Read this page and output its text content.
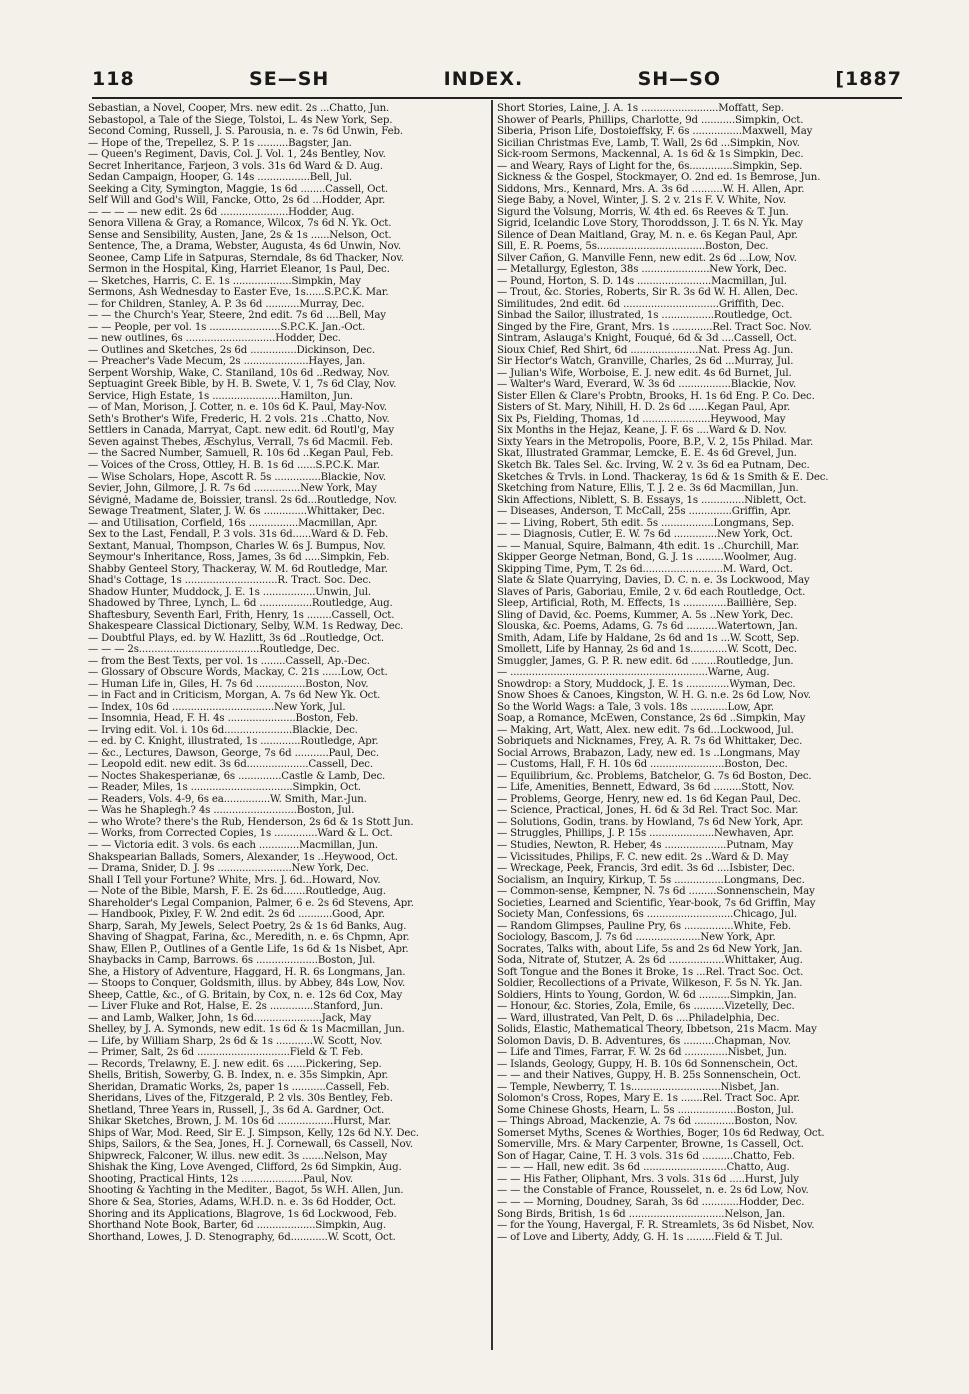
118	SE—SH	INDEX.	SH—SO	[1887
Sebastian, a Novel, Cooper, Mrs. new edit. 2s ...Chatto, Jun.
Sebastopol, a Tale of the Siege, Tolstoi, L. 4s New York, Sep.
Second Coming, Russell, J. S. Parousia, n. e. 7s 6d Unwin, Feb.
— Hope of the, Trepellez, S. P. 1s ..........Bagster, Jan.
— Queen's Regiment, Davis, Col. J. Vol. 1, 24s Bentley, Nov.
Secret Inheritance, Farjeon, 3 vols. 31s 6d Ward & D. Aug.
Sedan Campaign, Hooper, G. 14s .................Bell, Jul.
Seeking a City, Symington, Maggie, 1s 6d ........Cassell, Oct.
Self Will and God's Will, Fancke, Otto, 2s 6d ...Hodder, Apr.
— — — — new edit. 2s 6d ......................Hodder, Aug.
Senora Villena & Gray, a Romance, Wilcox, 7s 6d N. Yk. Oct.
Sense and Sensibility, Austen, Jane, 2s & 1s ......Nelson, Oct.
Sentence, The, a Drama, Webster, Augusta, 4s 6d Unwin, Nov.
Seonee, Camp Life in Satpuras, Sterndale, 8s 6d Thacker, Nov.
Sermon in the Hospital, King, Harriet Eleanor, 1s Paul, Dec.
— Sketches, Harris, C. E. 1s ...................Simpkin, May
Sermons, Ash Wednesday to Easter Eve, 1s......S.P.C.K. Mar.
— for Children, Stanley, A. P. 3s 6d ...........Murray, Dec.
— — the Church's Year, Steere, 2nd edit. 7s 6d ....Bell, May
— — People, per vol. 1s .......................S.P.C.K. Jan.-Oct.
— new outlines, 6s .............................Hodder, Dec.
— Outlines and Sketches, 2s 6d ...............Dickinson, Dec.
— Preacher's Vade Mecum, 2s .....................Hayes, Jan.
Serpent Worship, Wake, C. Staniland, 10s 6d ..Redway, Nov.
Septuagint Greek Bible, by H. B. Swete, V. 1, 7s 6d Clay, Nov.
Service, High Estate, 1s ......................Hamilton, Jun.
— of Man, Morison, J. Cotter, n. e. 10s 6d K. Paul, May-Nov.
Seth's Brother's Wife, Frederic, H. 2 vols. 21s ..Chatto, Nov.
Settlers in Canada, Marryat, Capt. new edit. 6d Routl'g, May
Seven against Thebes, Æschylus, Verrall, 7s 6d Macmil. Feb.
— the Sacred Number, Samuell, R. 10s 6d ..Kegan Paul, Feb.
— Voices of the Cross, Ottley, H. B. 1s 6d ......S.P.C.K. Mar.
— Wise Scholars, Hope, Ascott R. 5s ...............Blackie, Nov.
Sevier, John, Gilmore, J. R. 7s 6d ...............New York, May
Sévigné, Madame de, Boissier, transl. 2s 6d...Routledge, Nov.
Sewage Treatment, Slater, J. W. 6s ..............Whittaker, Dec.
— and Utilisation, Corfield, 16s ................Macmillan, Apr.
Sex to the Last, Fendall, P. 3 vols. 31s 6d......Ward & D. Feb.
Sextant, Manual, Thompson, Charles W. 6s J. Bumpus, Nov.
Seymour's Inheritance, Ross, James, 3s 6d .....Simpkin, Feb.
Shabby Genteel Story, Thackeray, W. M. 6d Routledge, Mar.
Shad's Cottage, 1s ..............................R. Tract. Soc. Dec.
Shadow Hunter, Muddock, J. E. 1s .................Unwin, Jul.
Shadowed by Three, Lynch, L. 6d .................Routledge, Aug.
Shaftesbury, Seventh Earl, Frith, Henry, 1s ........Cassell, Oct.
Shakespeare Classical Dictionary, Selby, W.M. 1s Redway, Dec.
— Doubtful Plays, ed. by W. Hazlitt, 3s 6d ..Routledge, Oct.
— — — 2s.......................................Routledge, Dec.
— from the Best Texts, per vol. 1s ........Cassell, Ap.-Dec.
— Glossary of Obscure Words, Mackay, C. 21s ......Low, Oct.
— Human Life in, Giles, H. 7s 6d ................Boston, Nov.
— in Fact and in Criticism, Morgan, A. 7s 6d New Yk. Oct.
— Index, 10s 6d .................................New York, Jul.
— Insomnia, Head, F. H. 4s ......................Boston, Feb.
— Irving edit. Vol. i. 10s 6d......................Blackie, Dec.
— ed. by C. Knight, illustrated, 1s .............Routledge, Apr.
— &c., Lectures, Dawson, George, 7s 6d ...........Paul, Dec.
— Leopold edit. new edit. 3s 6d....................Cassell, Dec.
— Noctes Shakesperianæ, 6s ..............Castle & Lamb, Dec.
— Reader, Miles, 1s .................................Simpkin, Oct.
— Readers, Vols. 4-9, 6s ea...............W. Smith, Mar.-Jun.
— Was he Shaplegh.? 4s ...........................Boston, Jul.
— who Wrote? there's the Rub, Henderson, 2s 6d & 1s Stott Jun.
— Works, from Corrected Copies, 1s ..............Ward & L. Oct.
— — Victoria edit. 3 vols. 6s each .............Macmillan, Jun.
Shakspearian Ballads, Somers, Alexander, 1s ..Heywood, Oct.
— Drama, Snider, D. J. 9s ........................New York, Dec.
Shall I Tell your Fortune? White, Mrs. J. 6d...Howard, Nov.
— Note of the Bible, Marsh, F. E. 2s 6d.......Routledge, Aug.
Shareholder's Legal Companion, Palmer, 6 e. 2s 6d Stevens, Apr.
— Handbook, Pixley, F. W. 2nd edit. 2s 6d ...........Good, Apr.
Sharp, Sarah, My Jewels, Select Poetry, 2s & 1s 6d Banks, Aug.
Shaving of Shagpat, Farina, &c., Meredith, n. e. 6s Chpmn, Apr.
Shaw, Ellen P., Outlines of a Gentle Life, 1s 6d & 1s Nisbet, Apr.
Shaybacks in Camp, Barrows. 6s ....................Boston, Jul.
She, a History of Adventure, Haggard, H. R. 6s Longmans, Jan.
— Stoops to Conquer, Goldsmith, illus. by Abbey, 84s Low, Nov.
Sheep, Cattle, &c., of G. Britain, by Cox, n. e. 12s 6d Cox, May
— Liver Fluke and Rot, Halse, E. 2s ..............Stanford, Jun.
— and Lamb, Walker, John, 1s 6d......................Jack, May
Shelley, by J. A. Symonds, new edit. 1s 6d & 1s Macmillan, Jun.
— Life, by William Sharp, 2s 6d & 1s ............W. Scott, Nov.
— Primer, Salt, 2s 6d ..............................Field & T. Feb.
— Records, Trelawny, E. J. new edit. 6s ......Pickering, Sep.
Shells, British, Sowerby, G. B. Index, n. e. 35s Simpkin, Apr.
Sheridan, Dramatic Works, 2s, paper 1s ...........Cassell, Feb.
Sheridans, Lives of the, Fitzgerald, P. 2 vls. 30s Bentley, Feb.
Shetland, Three Years in, Russell, J., 3s 6d A. Gardner, Oct.
Shikar Sketches, Brown, J. M. 10s 6d ..................Hurst, Mar.
Ships of War, Mod. Reed, Sir E. J. Simpson, Kelly, 12s 6d N.Y. Dec.
Ships, Sailors, & the Sea, Jones, H. J. Cornewall, 6s Cassell, Nov.
Shipwreck, Falconer, W. illus. new edit. 3s .......Nelson, May
Shishak the King, Love Avenged, Clifford, 2s 6d Simpkin, Aug.
Shooting, Practical Hints, 12s ....................Paul, Nov.
Shooting & Yachting in the Mediter., Bagot, 5s W.H. Allen, Jun.
Shore & Sea, Stories, Adams, W.H.D. n. e. 3s 6d Hodder, Oct.
Shoring and its Applications, Blagrove, 1s 6d Lockwood, Feb.
Shorthand Note Book, Barter, 6d ...................Simpkin, Aug.
Shorthand, Lowes, J. D. Stenography, 6d............W. Scott, Oct.
Short Stories, Laine, J. A. 1s .........................Moffatt, Sep.
Shower of Pearls, Phillips, Charlotte, 9d ...........Simpkin, Oct.
Siberia, Prison Life, Dostoieffsky, F. 6s ................Maxwell, May
Sicilian Christmas Eve, Lamb, T. Wall, 2s 6d ...Simpkin, Nov.
Sick-room Sermons, Mackennal, A. 1s 6d & 1s Simpkin, Dec.
— and Weary, Rays of Light for the, 6s..............Simpkin, Sep.
Sickness & the Gospel, Stockmayer, O. 2nd ed. 1s Bemrose, Jun.
Siddons, Mrs., Kennard, Mrs. A. 3s 6d ..........W. H. Allen, Apr.
Siege Baby, a Novel, Winter, J. S. 2 v. 21s F. V. White, Nov.
Sigurd the Volsung, Morris, W. 4th ed. 6s Reeves & T. Jun.
Sigrid, Icelandic Love Story, Thoroddsson, J. T. 6s N. Yk. May
Silence of Dean Maitland, Gray, M. n. e. 6s Kegan Paul, Apr.
Sill, E. R. Poems, 5s...................................Boston, Dec.
Silver Cañon, G. Manville Fenn, new edit. 2s 6d ...Low, Nov.
— Metallurgy, Egleston, 38s ......................New York, Dec.
— Pound, Horton, S. D. 14s ........................Macmillan, Jul.
— Trout, &c. Stories, Roberts, Sir R. 3s 6d W. H. Allen, Dec.
Similitudes, 2nd edit. 6d ...............................Griffith, Dec.
Sinbad the Sailor, illustrated, 1s .................Routledge, Oct.
Singed by the Fire, Grant, Mrs. 1s .............Rel. Tract Soc. Nov.
Sintram, Aslauga's Knight, Fouqué, 6d & 3d ....Cassell, Oct.
Sioux Chief, Red Shirt, 6d ......................Nat. Press Ag. Jun.
Sir Hector's Watch, Granville, Charles, 2s 6d ...Murray, Jul.
— Julian's Wife, Worboise, E. J. new edit. 4s 6d Burnet, Jul.
— Walter's Ward, Everard, W. 3s 6d .................Blackie, Nov.
Sister Ellen & Clare's Probtn, Brooks, H. 1s 6d Eng. P. Co. Dec.
Sisters of St. Mary, Nihill, H. D. 2s 6d ......Kegan Paul, Apr.
Six Ps, Fielding, Thomas, 1d ......................Heywood, May
Six Months in the Hejaz, Keane, J. F. 6s ....Ward & D. Nov.
Sixty Years in the Metropolis, Poore, B.P., V. 2, 15s Philad. Mar.
Skat, Illustrated Grammar, Lemcke, E. E. 4s 6d Grevel, Jun.
Sketch Bk. Tales Sel. &c. Irving, W. 2 v. 3s 6d ea Putnam, Dec.
Sketches & Trvls. in Lond. Thackeray, 1s 6d & 1s Smith & E. Dec.
Sketching from Nature, Ellis, T. J. 2 e. 3s 6d Macmillan, Jun.
Skin Affections, Niblett, S. B. Essays, 1s ..............Niblett, Oct.
— Diseases, Anderson, T. McCall, 25s ..............Griffin, Apr.
— — Living, Robert, 5th edit. 5s .................Longmans, Sep.
— — Diagnosis, Cutler, E. W. 7s 6d ..............New York, Oct.
— — Manual, Squire, Balmann, 4th edit. 1s ..Churchill, Mar.
Skipper George Netman, Bond, G. J. 1s .........Woolmer, Aug.
Skipping Time, Pym, T. 2s 6d..........................M. Ward, Oct.
Slate & Slate Quarrying, Davies, D. C. n. e. 3s Lockwood, May
Slaves of Paris, Gaboriau, Emile, 2 v. 6d each Routledge, Oct.
Sleep, Artificial, Roth, M. Effects, 1s ..............Baillière, Sep.
Sling of David, &c. Poems, Kummer, A. 5s ..New York, Dec.
Slouska, &c. Poems, Adams, G. 7s 6d ..........Watertown, Jan.
Smith, Adam, Life by Haldane, 2s 6d and 1s ...W. Scott, Sep.
Smollett, Life by Hannay, 2s 6d and 1s............W. Scott, Dec.
Smuggler, James, G. P. R. new edit. 6d ........Routledge, Jun.
— ................................................................Warne, Aug.
Snowdrop: a Story, Muddock, J. E. 1s ..............Wyman, Dec.
Snow Shoes & Canoes, Kingston, W. H. G. n.e. 2s 6d Low, Nov.
So the World Wags: a Tale, 3 vols. 18s ............Low, Apr.
Soap, a Romance, McEwen, Constance, 2s 6d ..Simpkin, May
— Making, Art, Watt, Alex. new edit. 7s 6d...Lockwood, Jul.
Sobriquets and Nicknames, Frey, A. R. 7s 6d Whittaker, Dec.
Social Arrows, Brabazon, Lady, new ed. 1s ..Longmans, May
— Customs, Hall, F. H. 10s 6d ........................Boston, Dec.
— Equilibrium, &c. Problems, Batchelor, G. 7s 6d Boston, Dec.
— Life, Amenities, Bennett, Edward, 3s 6d .........Stott, Nov.
— Problems, George, Henry, new ed. 1s 6d Kegan Paul, Dec.
— Science, Practical, Jones, H. 6d & 3d Rel. Tract Soc. Mar.
— Solutions, Godin, trans. by Howland, 7s 6d New York, Apr.
— Struggles, Phillips, J. P. 15s .....................Newhaven, Apr.
— Studies, Newton, R. Heber, 4s ....................Putnam, May
— Vicissitudes, Philips, F. C. new edit. 2s ..Ward & D. May
— Wreckage, Peek, Francis, 3rd edit. 3s 6d ....Isbister, Dec.
Socialism, an Inquiry, Kirkup, T. 5s ................Longmans, Dec.
— Common-sense, Kempner, N. 7s 6d .........Sonnenschein, May
Societies, Learned and Scientific, Year-book, 7s 6d Griffin, May
Society Man, Confessions, 6s ............................Chicago, Jul.
— Random Glimpses, Pauline Pry, 6s ................White, Feb.
Sociology, Bascom, J. 7s 6d .....................New York, Apr.
Socrates, Talks with, about Life, 5s and 2s 6d New York, Jan.
Soda, Nitrate of, Stutzer, A. 2s 6d ..................Whittaker, Aug.
Soft Tongue and the Bones it Broke, 1s ...Rel. Tract Soc. Oct.
Soldier, Recollections of a Private, Wilkeson, F. 5s N. Yk. Jan.
Soldiers, Hints to Young, Gordon, W. 6d ..........Simpkin, Jan.
— Honour, &c. Stories, Zola, Emile, 6s ..........Vizetelly, Dec.
— Ward, illustrated, Van Pelt, D. 6s ....Philadelphia, Dec.
Solids, Elastic, Mathematical Theory, Ibbetson, 21s Macm. May
Solomon Davis, D. B. Adventures, 6s ..........Chapman, Nov.
— Life and Times, Farrar, F. W. 2s 6d ..............Nisbet, Jun.
— Islands, Geology, Guppy, H. B. 10s 6d Sonnenschein, Oct.
— — and their Natives, Guppy, H. B. 25s Sonnenschein, Oct.
— Temple, Newberry, T. 1s.............................Nisbet, Jan.
Solomon's Cross, Ropes, Mary E. 1s .......Rel. Tract Soc. Apr.
Some Chinese Ghosts, Hearn, L. 5s ...................Boston, Jul.
— Things Abroad, Mackenzie, A. 7s 6d .............Boston, Nov.
Somerset Myths, Scenes & Worthies, Boger, 10s 6d Redway, Oct.
Somerville, Mrs. & Mary Carpenter, Browne, 1s Cassell, Oct.
Son of Hagar, Caine, T. H. 3 vols. 31s 6d ..........Chatto, Feb.
— — — Hall, new edit. 3s 6d ...........................Chatto, Aug.
— — His Father, Oliphant, Mrs. 3 vols. 31s 6d .....Hurst, July
— — the Constable of France, Rousselet, n. e. 2s 6d Low, Nov.
— — — Morning, Doudney, Sarah, 3s 6d ............Hodder, Dec.
Song Birds, British, 1s 6d ...............................Nelson, Jan.
— for the Young, Havergal, F. R. Streamlets, 3s 6d Nisbet, Nov.
— of Love and Liberty, Addy, G. H. 1s .........Field & T. Jul.
